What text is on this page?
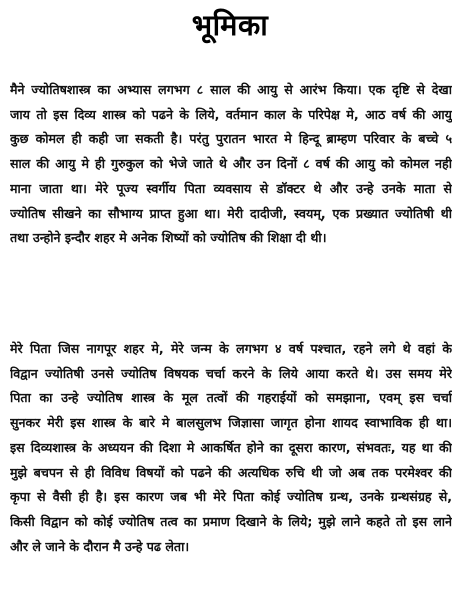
भूमिका
मैने ज्योतिषशास्त्र का अभ्यास लगभग ८ साल की आयु से आरंभ किया। एक दृष्टि से देखा
जाय तो इस दिव्य शास्त्र को पढने के लिये, वर्तमान काल के परिपेक्ष मे, आठ वर्ष की आयु
कुछ कोमल ही कही जा सकती है। परंतु पुरातन भारत मे हिन्दू ब्राम्हण परिवार के बच्चे ५
साल की आयु मे ही गुरुकुल को भेजे जाते थे और उन दिनों ८ वर्ष की आयु को कोमल नही
माना जाता था। मेरे पूज्य स्वर्गीय पिता व्यवसाय से डॉक्टर थे और उन्हे उनके माता से
ज्योतिष सीखने का सौभाग्य प्राप्त हुआ था। मेरी दादीजी, स्वयम्, एक प्रख्यात ज्योतिषी थी
तथा उन्होने इन्दौर शहर मे अनेक शिष्यों को ज्योतिष की शिक्षा दी थी।
मेरे पिता जिस नागपूर शहर मे, मेरे जन्म के लगभग ४ वर्ष पश्चात, रहने लगे थे वहां के
विद्वान ज्योतिषी उनसे ज्योतिष विषयक चर्चा करने के लिये आया करते थे। उस समय मेरे
पिता का उन्हे ज्योतिष शास्त्र के मूल तत्वों की गहराईयों को समझाना, एवम् इस चर्चा
सुनकर मेरी इस शास्त्र के बारे मे बालसुलभ जिज्ञासा जागृत होना शायद स्वाभाविक ही था।
इस दिव्यशास्त्र के अध्ययन की दिशा मे आकर्षित होने का दूसरा कारण, संभवतः, यह था की
मुझे बचपन से ही विविध विषयों को पढने की अत्यधिक रुचि थी जो अब तक परमेश्वर की
कृपा से वैसी ही है। इस कारण जब भी मेरे पिता कोई ज्योतिष ग्रन्थ, उनके ग्रन्थसंग्रह से,
किसी विद्वान को कोई ज्योतिष तत्व का प्रमाण दिखाने के लिये; मुझे लाने कहते तो इस लाने
और ले जाने के दौरान मै उन्हे पढ लेता।
